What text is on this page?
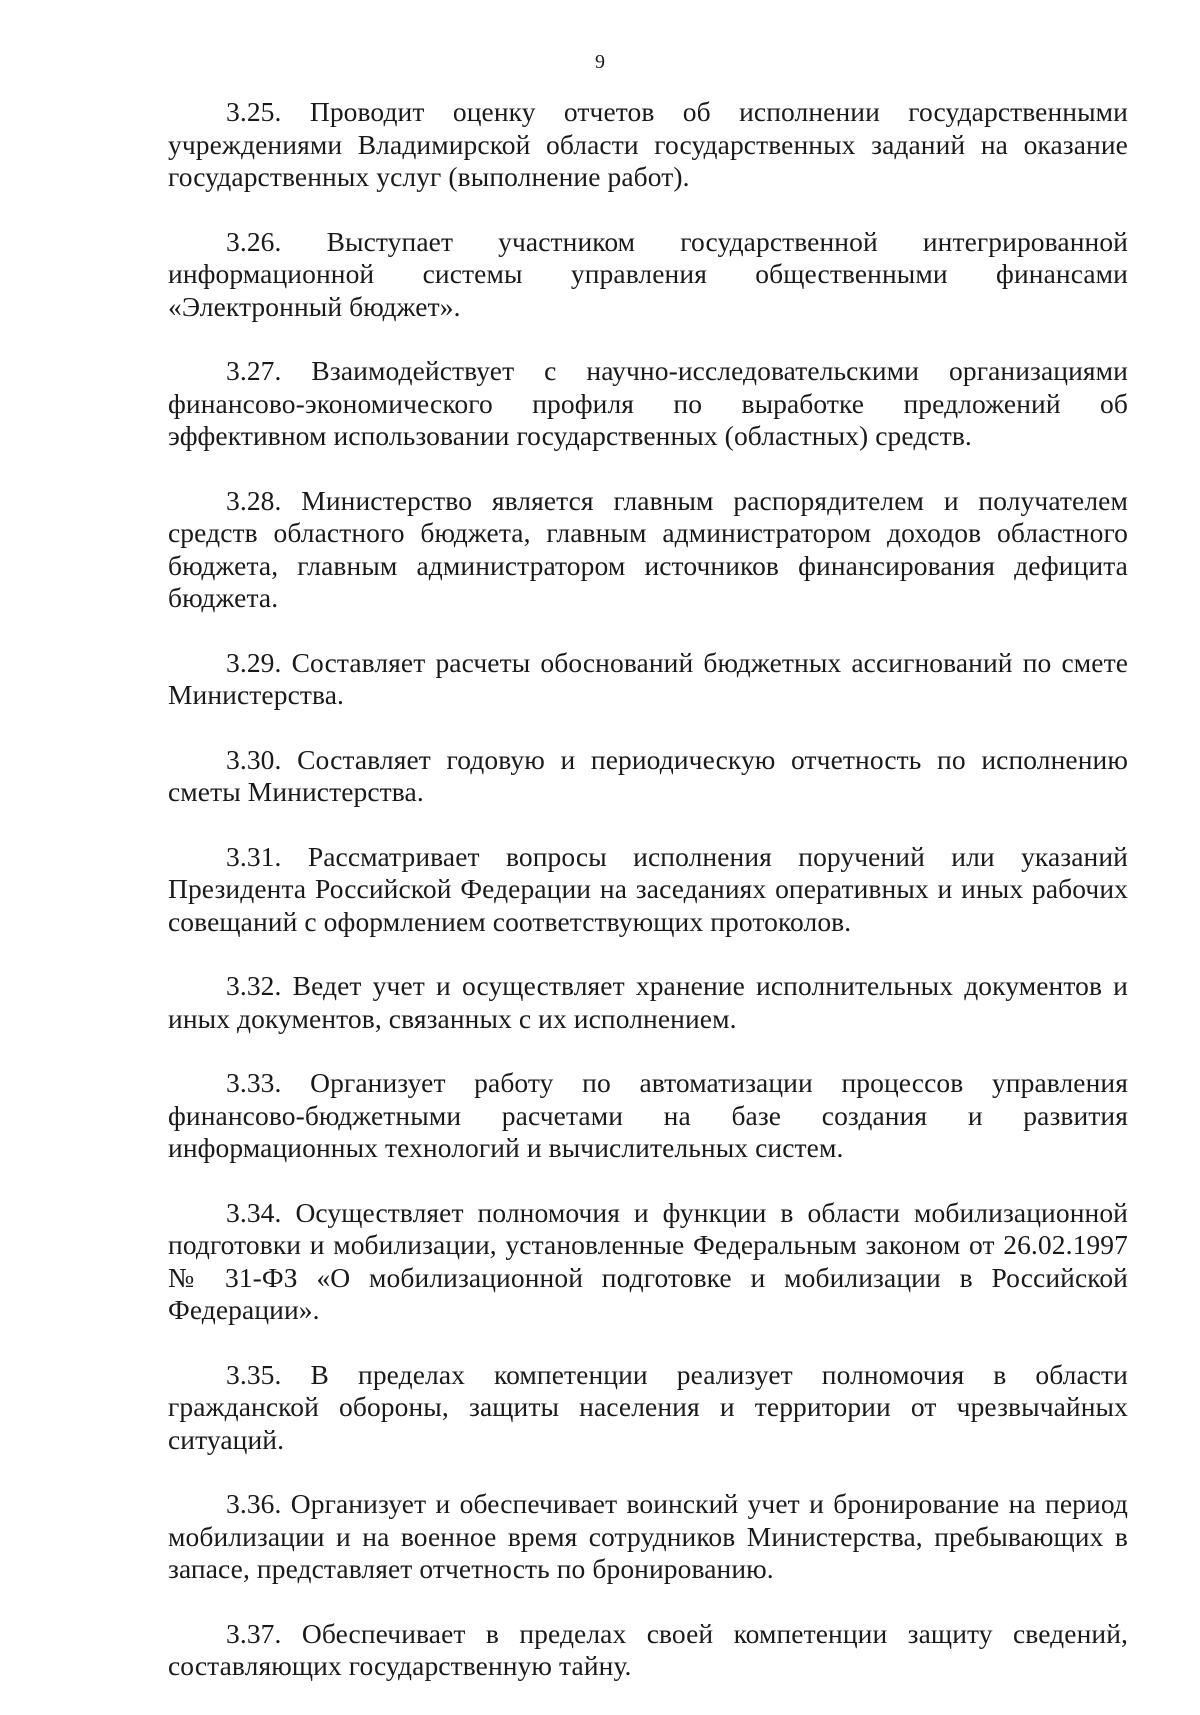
9

3.25. Проводит оценку отчетов об исполнении государственными учреждениями Владимирской области государственных заданий на оказание государственных услуг (выполнение работ).

3.26. Выступает участником государственной интегрированной информационной системы управления общественными финансами «Электронный бюджет».

3.27. Взаимодействует с научно-исследовательскими организациями финансово-экономического профиля по выработке предложений об эффективном использовании государственных (областных) средств.

3.28. Министерство является главным распорядителем и получателем средств областного бюджета, главным администратором доходов областного бюджета, главным администратором источников финансирования дефицита бюджета.

3.29. Составляет расчеты обоснований бюджетных ассигнований по смете Министерства.

3.30. Составляет годовую и периодическую отчетность по исполнению сметы Министерства.

3.31. Рассматривает вопросы исполнения поручений или указаний Президента Российской Федерации на заседаниях оперативных и иных рабочих совещаний с оформлением соответствующих протоколов.

3.32. Ведет учет и осуществляет хранение исполнительных документов и иных документов, связанных с их исполнением.

3.33. Организует работу по автоматизации процессов управления финансово-бюджетными расчетами на базе создания и развития информационных технологий и вычислительных систем.

3.34. Осуществляет полномочия и функции в области мобилизационной подготовки и мобилизации, установленные Федеральным законом от 26.02.1997 № 31-ФЗ «О мобилизационной подготовке и мобилизации в Российской Федерации».

3.35. В пределах компетенции реализует полномочия в области гражданской обороны, защиты населения и территории от чрезвычайных ситуаций.

3.36. Организует и обеспечивает воинский учет и бронирование на период мобилизации и на военное время сотрудников Министерства, пребывающих в запасе, представляет отчетность по бронированию.

3.37. Обеспечивает в пределах своей компетенции защиту сведений, составляющих государственную тайну.
